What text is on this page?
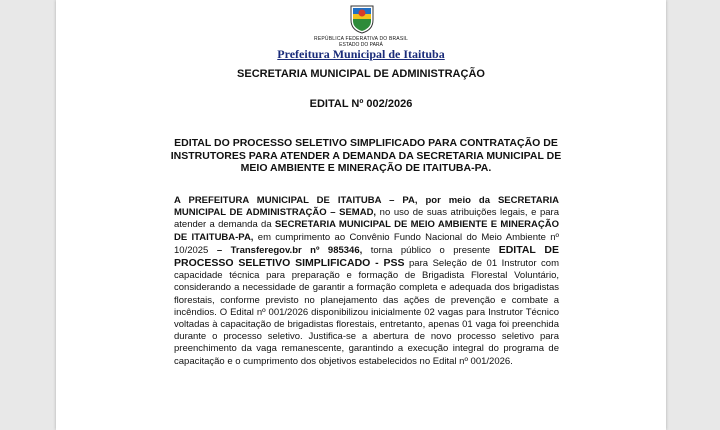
REPÚBLICA FEDERATIVA DO BRASIL
ESTADO DO PARÁ
Prefeitura Municipal de Itaituba
SECRETARIA MUNICIPAL DE ADMINISTRAÇÃO
EDITAL Nº 002/2026
EDITAL DO PROCESSO SELETIVO SIMPLIFICADO PARA CONTRATAÇÃO DE INSTRUTORES PARA ATENDER A DEMANDA DA SECRETARIA MUNICIPAL DE MEIO AMBIENTE E MINERAÇÃO DE ITAITUBA-PA.
A PREFEITURA MUNICIPAL DE ITAITUBA – PA, por meio da SECRETARIA MUNICIPAL DE ADMINISTRAÇÃO – SEMAD, no uso de suas atribuições legais, e para atender a demanda da SECRETARIA MUNICIPAL DE MEIO AMBIENTE E MINERAÇÃO DE ITAITUBA-PA, em cumprimento ao Convênio Fundo Nacional do Meio Ambiente nº 10/2025 – Transferegov.br nº 985346, torna público o presente EDITAL DE PROCESSO SELETIVO SIMPLIFICADO - PSS para Seleção de 01 Instrutor com capacidade técnica para preparação e formação de Brigadista Florestal Voluntário, considerando a necessidade de garantir a formação completa e adequada dos brigadistas florestais, conforme previsto no planejamento das ações de prevenção e combate a incêndios. O Edital nº 001/2026 disponibilizou inicialmente 02 vagas para Instrutor Técnico voltadas à capacitação de brigadistas florestais, entretanto, apenas 01 vaga foi preenchida durante o processo seletivo. Justifica-se a abertura de novo processo seletivo para preenchimento da vaga remanescente, garantindo a execução integral do programa de capacitação e o cumprimento dos objetivos estabelecidos no Edital nº 001/2026.
